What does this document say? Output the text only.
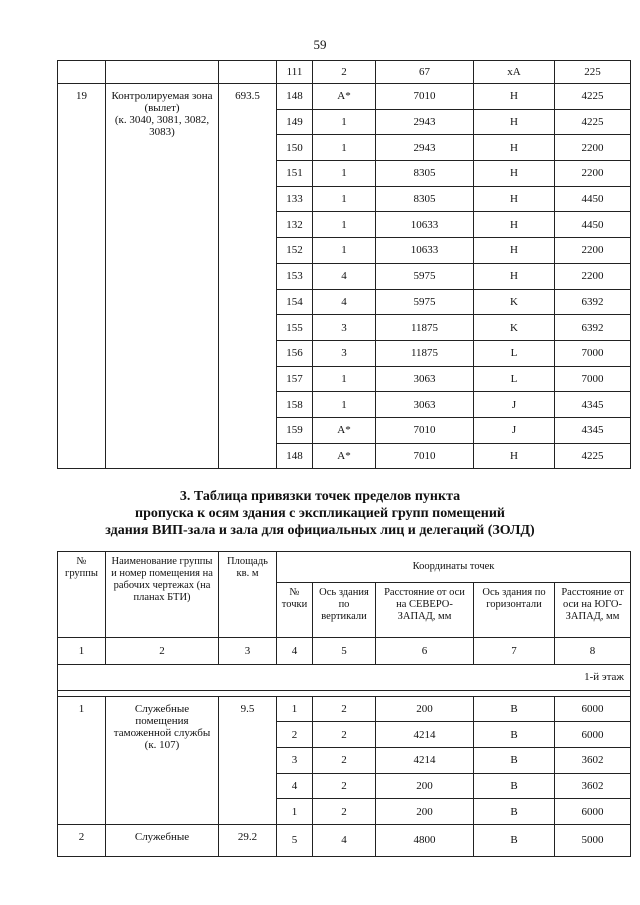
59
			111	2	67	xA	225
19	Контролируемая зона
(вылет)
(к. 3040, 3081, 3082,
3083)	693.5	148	A*	7010	H	4225
			149	1	2943	H	4225
			150	1	2943	H	2200
			151	1	8305	H	2200
			133	1	8305	H	4450
			132	1	10633	H	4450
			152	1	10633	H	2200
			153	4	5975	H	2200
			154	4	5975	K	6392
			155	3	11875	K	6392
			156	3	11875	L	7000
			157	1	3063	L	7000
			158	1	3063	J	4345
			159	A*	7010	J	4345
			148	A*	7010	H	4225
3. Таблица привязки точек пределов пункта
пропуска к осям здания с экспликацией групп помещений
здания ВИП-зала и зала для официальных лиц и делегаций (ЗОЛД)
№ группы	Наименование группы и номер помещения на рабочих чертежах (на планах БТИ)	Площадь кв. м	Координаты точек				
			№ точки	Ось здания по вертикали	Расстояние от оси на СЕВЕРО-ЗАПАД, мм	Ось здания по горизонтали	Расстояние от оси на ЮГО-ЗАПАД, мм
1	2	3	4	5	6	7	8
1-й этаж							

1	Служебные помещения таможенной службы (к. 107)	9.5	1	2	200	B	6000
			2	2	4214	B	6000
			3	2	4214	B	3602
			4	2	200	B	3602
			1	2	200	B	6000
2	Служебные	29.2	5	4	4800	B	5000
